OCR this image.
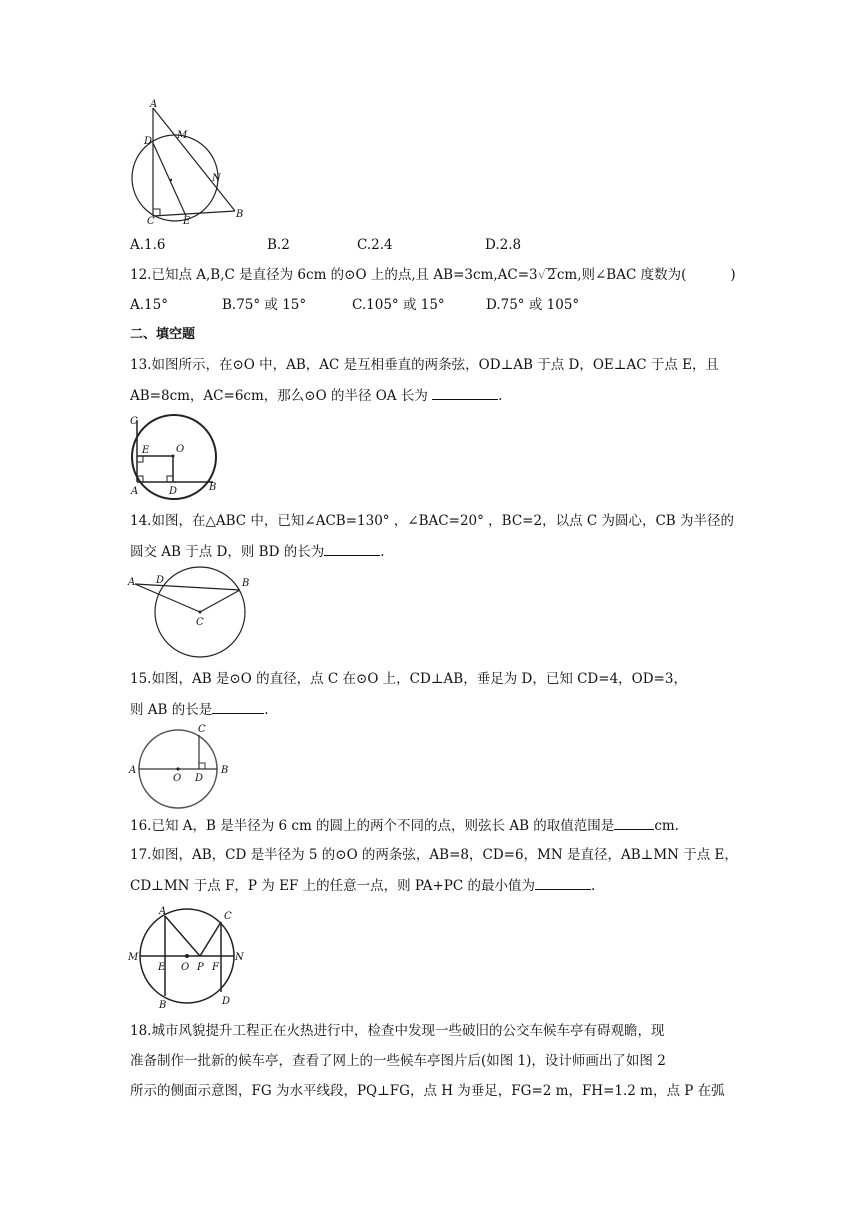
A
D
M
N
C	E
B
A.1.6	B.2	C.2.4	D.2.8
12.已知点 A,B,C 是直径为 6cm 的⊙O 上的点,且 AB=3cm,AC=3√2cm,则∠BAC 度数为(	)
A.15°	B.75° 或 15°	C.105° 或 15°	D.75° 或 105°
二、填空题
13.如图所示，在⊙O 中，AB，AC 是互相垂直的两条弦，OD⊥AB 于点 D，OE⊥AC 于点 E，且
AB=8cm，AC=6cm，那么⊙O 的半径 OA 长为	.
C
E	O
A	D	B
14.如图，在△ABC 中，已知∠ACB=130° ，∠BAC=20° ，BC=2，以点 C 为圆心，CB 为半径的
圆交 AB 于点 D，则 BD 的长为	.
A D	B
C
15.如图，AB 是⊙O 的直径，点 C 在⊙O 上，CD⊥AB，垂足为 D，已知 CD=4，OD=3，
则 AB 的长是	.
C
A
O D
B
16.已知 A，B 是半径为 6 cm 的圆上的两个不同的点，则弦长 AB 的取值范围是	cm.
17.如图，AB，CD 是半径为 5 的⊙O 的两条弦，AB=8，CD=6，MN 是直径，AB⊥MN 于点 E，
CD⊥MN 于点 F，P 为 EF 上的任意一点，则 PA+PC 的最小值为	.
A	C
M	N
E O P F
B	D
18.城市风貌提升工程正在火热进行中，检查中发现一些破旧的公交车候车亭有碍观瞻，现
准备制作一批新的候车亭，查看了网上的一些候车亭图片后(如图 1)，设计师画出了如图 2
所示的侧面示意图，FG 为水平线段，PQ⊥FG，点 H 为垂足，FG=2 m，FH=1.2 m，点 P 在弧
